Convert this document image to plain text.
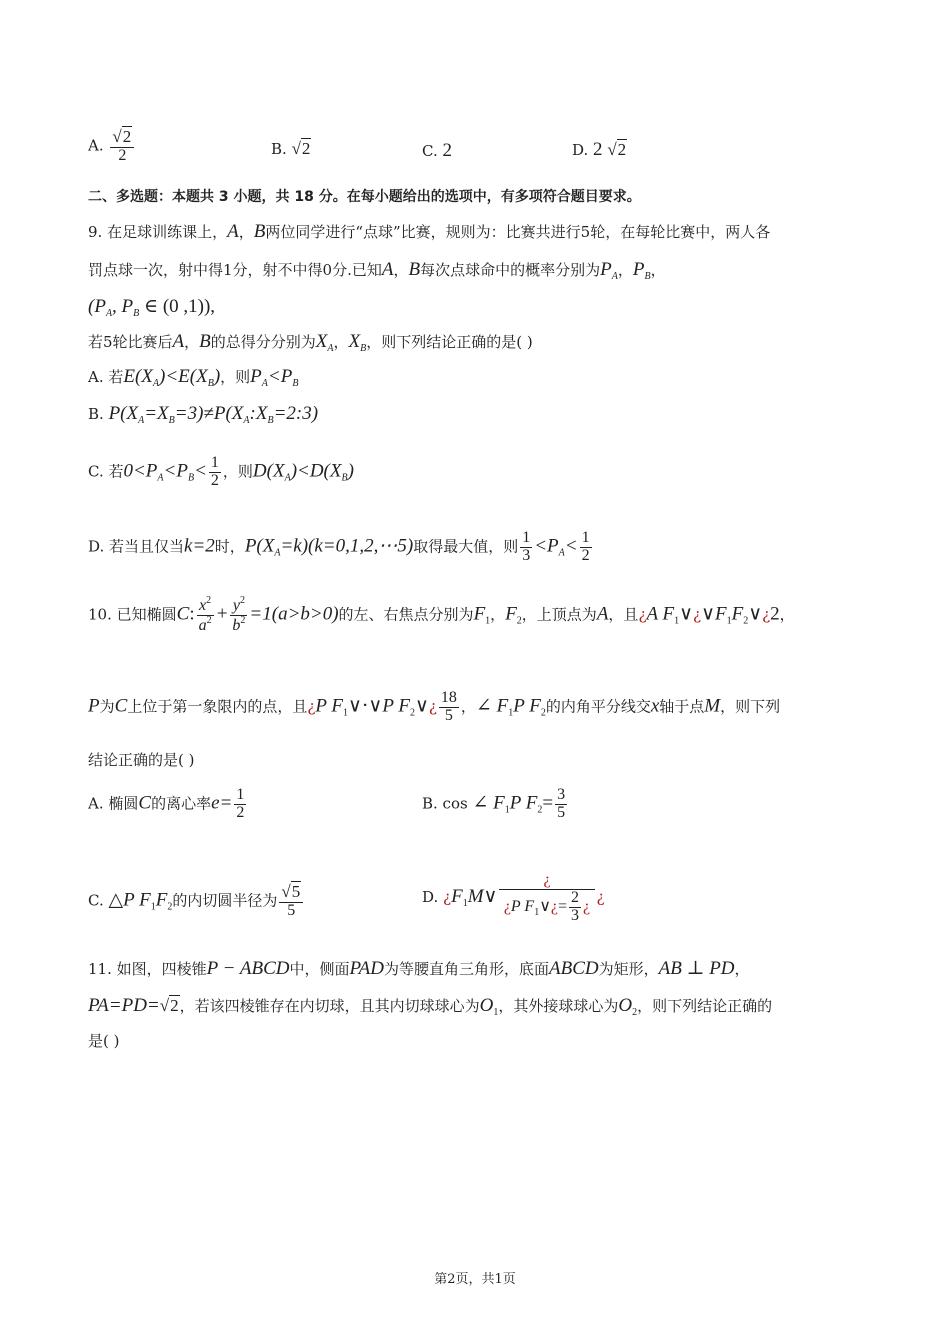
A. $\frac{√2}{2}$	B. √2	C. 2	D. 2 √2
二、多选题：本题共 3 小题，共 18 分。在每小题给出的选项中，有多项符合题目要求。
9. 在足球训练课上，A，B两位同学进行“点球”比赛，规则为：比赛共进行5轮，在每轮比赛中，两人各
罚点球一次，射中得1分，射不中得0分.已知A，B每次点球命中的概率分别为$P_A$，$P_B$，
($P_A$, $P_B$ ∈ (0 ,1)),
若5轮比赛后A，B的总得分分别为$X_A$，$X_B$，则下列结论正确的是( )
A. 若$E(X_A)<E(X_B)$，则$P_A<P_B$
B. $P(X_A=X_B=3)\ne P(X_A:X_B=2:3)$
C. 若$0<P_A<P_B< \frac{1}{2}$ ，则$D(X_A)<D(X_B)$
D. 若当且仅当k=2时，$P(X_A=k)(k=0,1,2,\cdots 5)$取得最大值，则 $\frac{1}{3} <P_A< \frac{1}{2}$
10. 已知椭圆C: $\frac{x^2}{a^2} + \frac{y^2}{b^2} =1(a>b>0)$的左、右焦点分别为$F_1$，$F_2$，上顶点为A，且¿A $F_1\vee¿\vee F_1F_2\vee¿2$，
P为C上位于第一象限内的点，且¿P $F_1\vee\cdot\vee P$ $F_2\vee¿ \frac{18}{5}$ ，∠ $F_1P$ $F_2$的内角平分线交x轴于点M，则下列
结论正确的是( )
A. 椭圆C的离心率$e= \frac{1}{2}$	B. cos ∠ $F_1P$ $F_2= \frac{3}{5}$
C. △P $F_1F_2$的内切圆半径为 $\frac{√5}{5}$	D. ¿$F_1M\vee \frac{¿}{¿P F_1\vee¿= \frac{2}{3} ¿}$ ¿
11. 如图，四棱锥P − ABCD中，侧面PAD为等腰直角三角形，底面ABCD为矩形，AB ⊥ PD，
PA=PD=√2，若该四棱锥存在内切球，且其内切球球心为$O_1$，其外接球球心为$O_2$，则下列结论正确的
是( )
第2页，共1页
